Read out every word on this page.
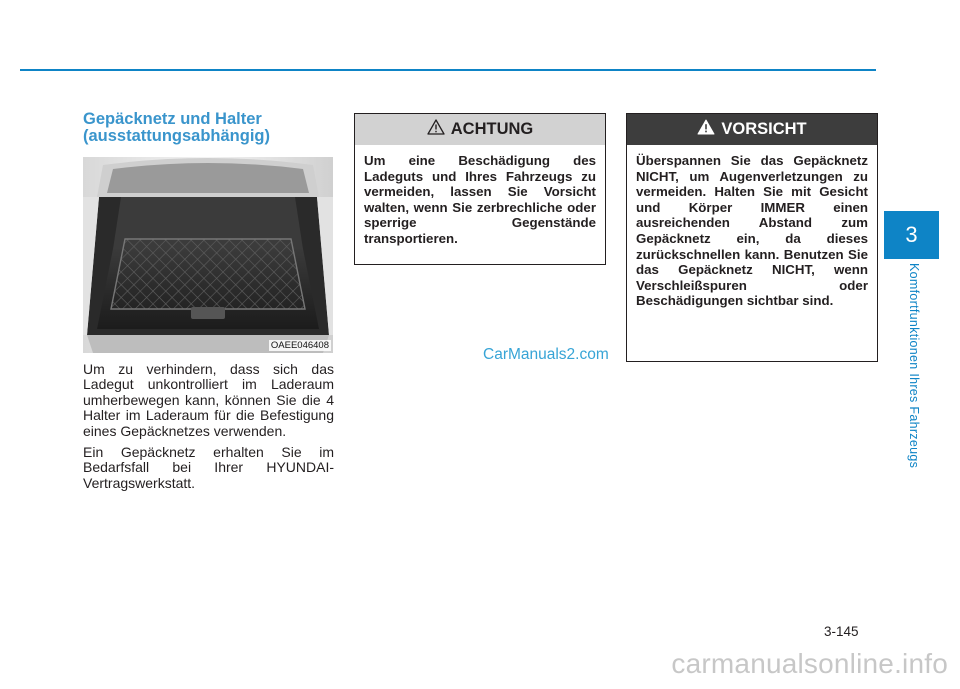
Gepäcknetz und Halter
(ausstattungsabhängig)
OAEE046408

Um zu verhindern, dass sich das Ladegut unkontrolliert im Laderaum umherbewegen kann, können Sie die 4 Halter im Laderaum für die Befestigung eines Gepäcknetzes verwenden.

Ein Gepäcknetz erhalten Sie im Bedarfsfall bei Ihrer HYUNDAI-Vertragswerkstatt.

CarManuals2.com
ACHTUNG
Um eine Beschädigung des Ladeguts und Ihres Fahrzeugs zu vermeiden, lassen Sie Vorsicht walten, wenn Sie zerbrechliche oder sperrige Gegenstände transportieren.
VORSICHT
Überspannen Sie das Gepäcknetz NICHT, um Augenverletzungen zu vermeiden. Halten Sie mit Gesicht und Körper IMMER einen ausreichenden Abstand zum Gepäcknetz ein, da dieses zurückschnellen kann. Benutzen Sie das Gepäcknetz NICHT, wenn Verschleißspuren oder Beschädigungen sichtbar sind.
3
Komfortfunktionen Ihres Fahrzeugs
3-145
carmanualsonline.info
